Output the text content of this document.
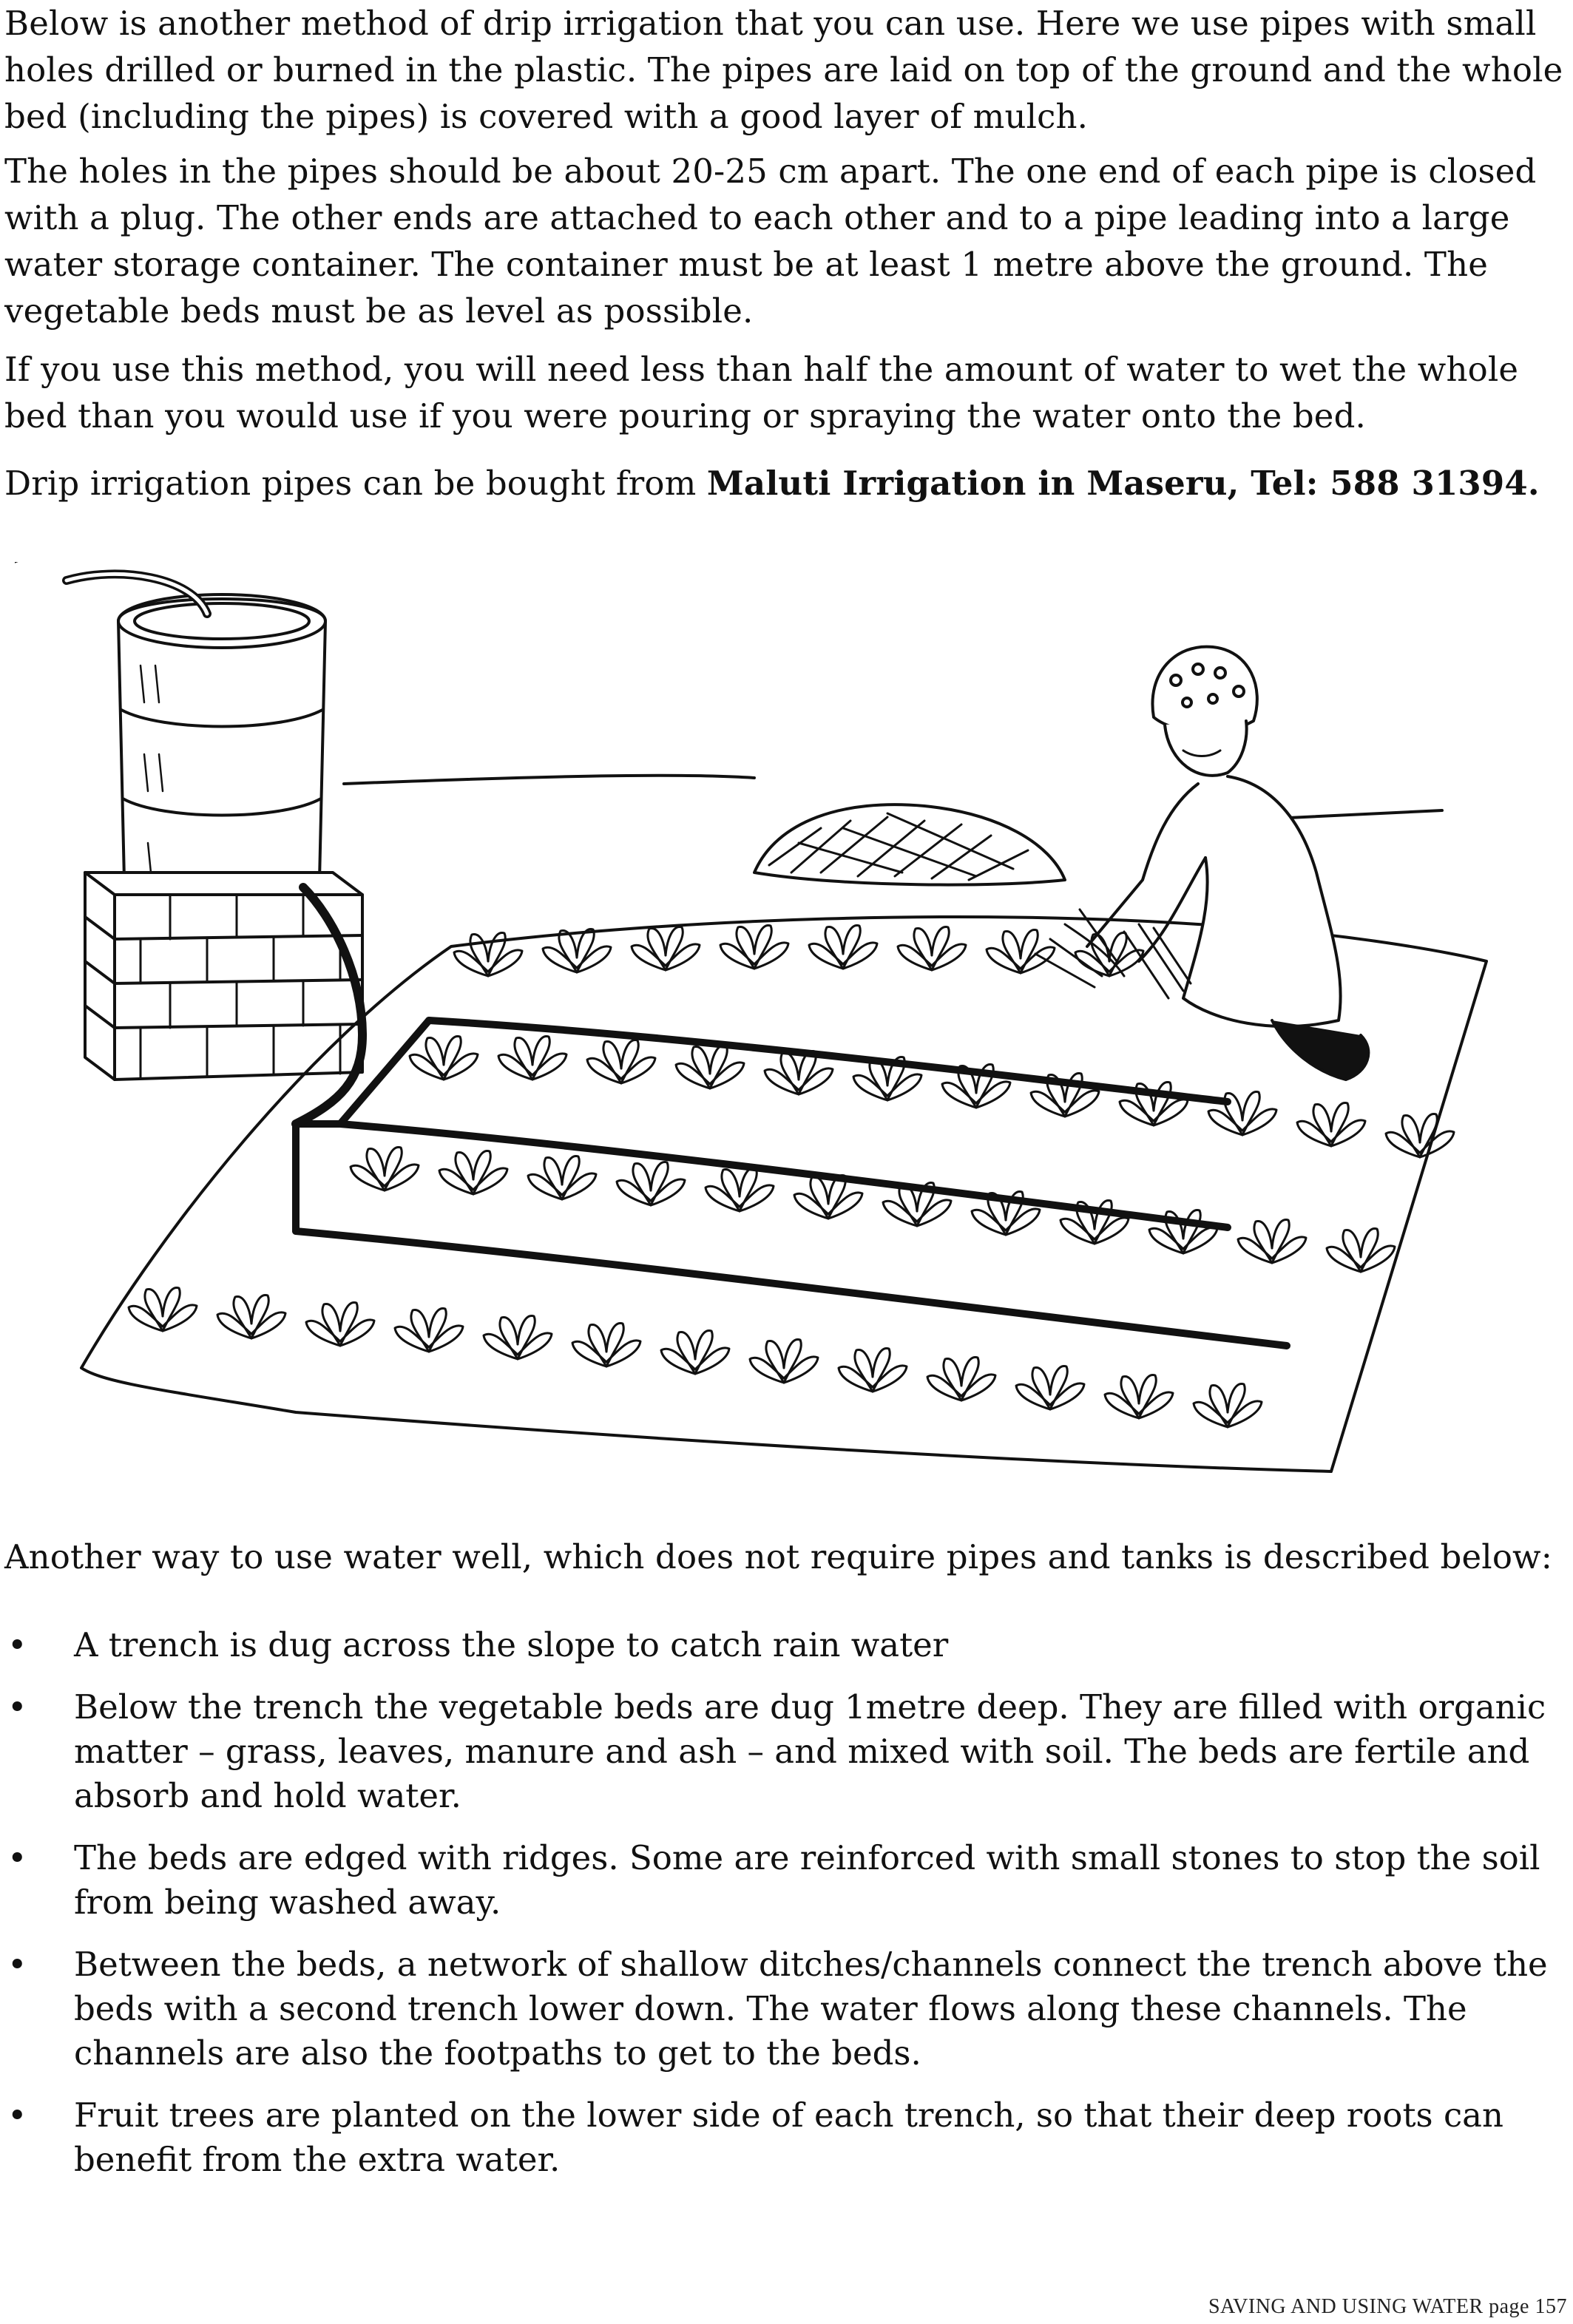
Below is another method of drip irrigation that you can use. Here we use pipes with small holes drilled or burned in the plastic. The pipes are laid on top of the ground and the whole bed (including the pipes) is covered with a good layer of mulch.

The holes in the pipes should be about 20-25 cm apart. The one end of each pipe is closed with a plug. The other ends are attached to each other and to a pipe leading into a large water storage container. The container must be at least 1 metre above the ground. The vegetable beds must be as level as possible.

If you use this method, you will need less than half the amount of water to wet the whole bed than you would use if you were pouring or spraying the water onto the bed.

Drip irrigation pipes can be bought from Maluti Irrigation in Maseru, Tel: 588 31394.

Another way to use water well, which does not require pipes and tanks is described below:

• A trench is dug across the slope to catch rain water
• Below the trench the vegetable beds are dug 1metre deep. They are filled with organic matter – grass, leaves, manure and ash – and mixed with soil. The beds are fertile and absorb and hold water.
• The beds are edged with ridges. Some are reinforced with small stones to stop the soil from being washed away.
• Between the beds, a network of shallow ditches/channels connect the trench above the beds with a second trench lower down. The water flows along these channels. The channels are also the footpaths to get to the beds.
• Fruit trees are planted on the lower side of each trench, so that their deep roots can benefit from the extra water.
SAVING AND USING WATER page 157
